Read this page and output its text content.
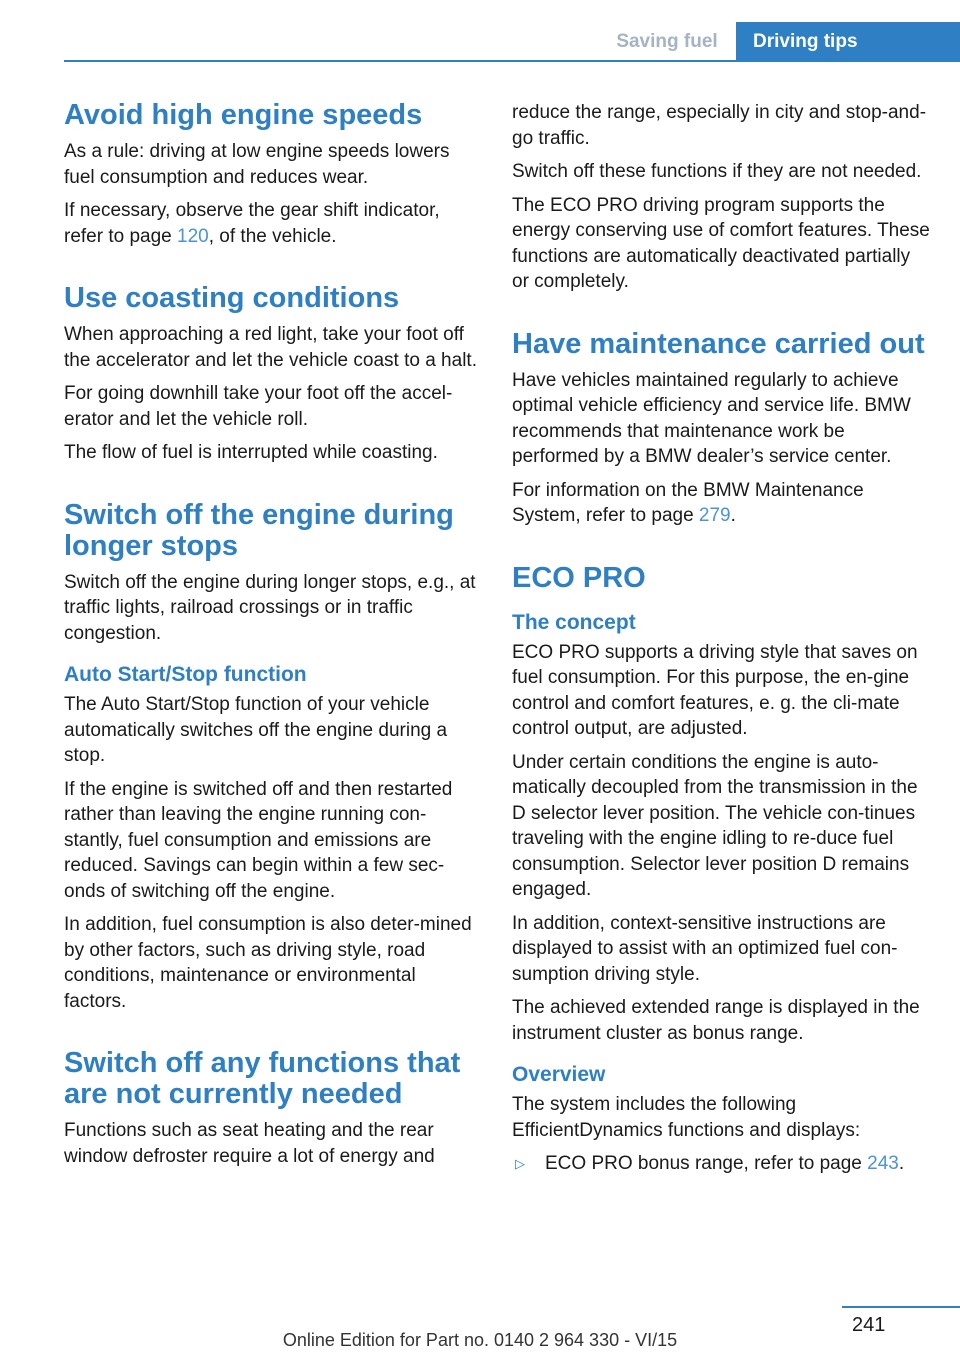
Saving fuel	Driving tips
Avoid high engine speeds

As a rule: driving at low engine speeds lowers fuel consumption and reduces wear.

If necessary, observe the gear shift indicator, refer to page 120, of the vehicle.

Use coasting conditions

When approaching a red light, take your foot off the accelerator and let the vehicle coast to a halt.

For going downhill take your foot off the accel‐erator and let the vehicle roll.

The flow of fuel is interrupted while coasting.

Switch off the engine during longer stops

Switch off the engine during longer stops, e.g., at traffic lights, railroad crossings or in traffic congestion.

Auto Start/Stop function

The Auto Start/Stop function of your vehicle automatically switches off the engine during a stop.

If the engine is switched off and then restarted rather than leaving the engine running con‐stantly, fuel consumption and emissions are reduced. Savings can begin within a few sec‐onds of switching off the engine.

In addition, fuel consumption is also deter‐mined by other factors, such as driving style, road conditions, maintenance or environmental factors.

Switch off any functions that are not currently needed

Functions such as seat heating and the rear window defroster require a lot of energy and

reduce the range, especially in city and stop-and-go traffic.

Switch off these functions if they are not needed.

The ECO PRO driving program supports the energy conserving use of comfort features. These functions are automatically deactivated partially or completely.

Have maintenance carried out

Have vehicles maintained regularly to achieve optimal vehicle efficiency and service life. BMW recommends that maintenance work be performed by a BMW dealer’s service center.

For information on the BMW Maintenance System, refer to page 279.

ECO PRO
The concept

ECO PRO supports a driving style that saves on fuel consumption. For this purpose, the en‐gine control and comfort features, e. g. the cli‐mate control output, are adjusted.

Under certain conditions the engine is auto‐matically decoupled from the transmission in the D selector lever position. The vehicle con‐tinues traveling with the engine idling to re‐duce fuel consumption. Selector lever position D remains engaged.

In addition, context-sensitive instructions are displayed to assist with an optimized fuel con‐sumption driving style.

The achieved extended range is displayed in the instrument cluster as bonus range.

Overview

The system includes the following EfficientDynamics functions and displays:

▷ ECO PRO bonus range, refer to page 243.
241
Online Edition for Part no. 0140 2 964 330 - VI/15
